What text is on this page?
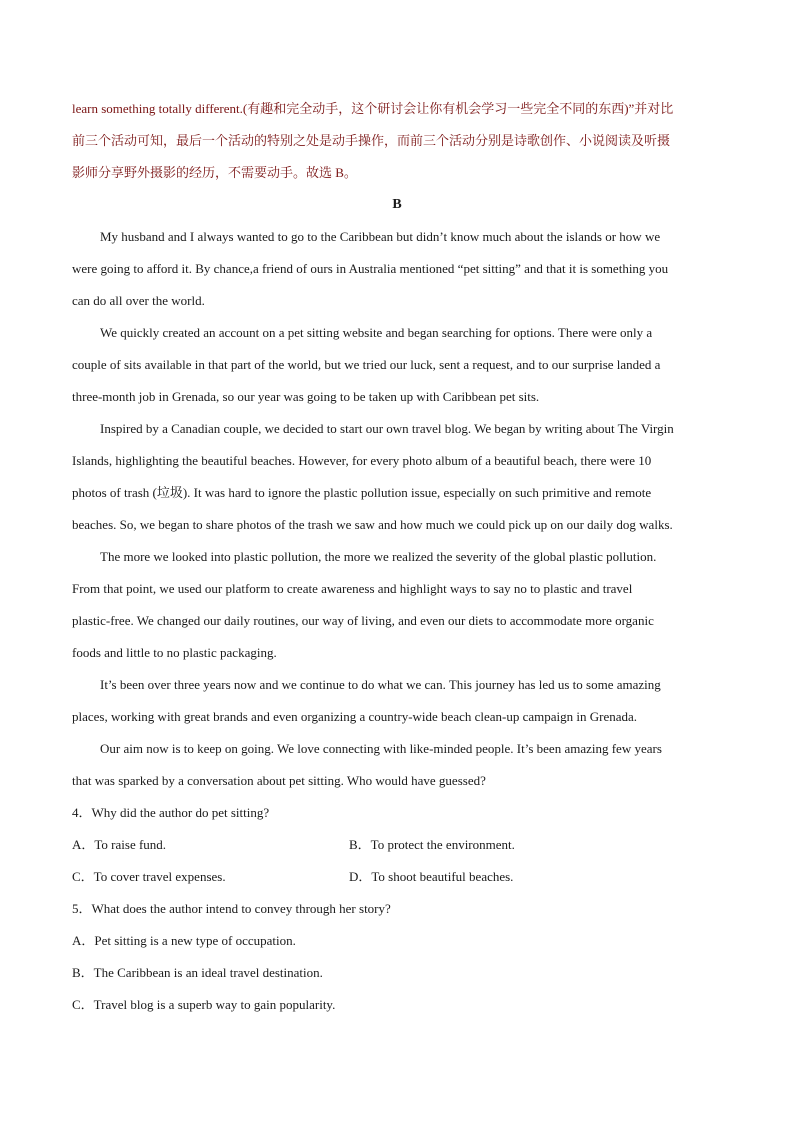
learn something totally different.(有趣和完全动手，这个研讨会让你有机会学习一些完全不同的东西)”并对比
前三个活动可知，最后一个活动的特别之处是动手操作，而前三个活动分别是诗歌创作、小说阅读及听摄
影师分享野外摄影的经历，不需要动手。故选 B。
B
My husband and I always wanted to go to the Caribbean but didn’t know much about the islands or how we
were going to afford it. By chance,a friend of ours in Australia mentioned “pet sitting” and that it is something you
can do all over the world.
We quickly created an account on a pet sitting website and began searching for options. There were only a
couple of sits available in that part of the world, but we tried our luck, sent a request, and to our surprise landed a
three-month job in Grenada, so our year was going to be taken up with Caribbean pet sits.
Inspired by a Canadian couple, we decided to start our own travel blog. We began by writing about The Virgin
Islands, highlighting the beautiful beaches. However, for every photo album of a beautiful beach, there were 10
photos of trash (垃圾). It was hard to ignore the plastic pollution issue, especially on such primitive and remote
beaches. So, we began to share photos of the trash we saw and how much we could pick up on our daily dog walks.
The more we looked into plastic pollution, the more we realized the severity of the global plastic pollution.
From that point, we used our platform to create awareness and highlight ways to say no to plastic and travel
plastic-free. We changed our daily routines, our way of living, and even our diets to accommodate more organic
foods and little to no plastic packaging.
It’s been over three years now and we continue to do what we can. This journey has led us to some amazing
places, working with great brands and even organizing a country-wide beach clean-up campaign in Grenada.
Our aim now is to keep on going. We love connecting with like-minded people. It’s been amazing few years
that was sparked by a conversation about pet sitting. Who would have guessed?
4．Why did the author do pet sitting?
A．To raise fund.	B．To protect the environment.
C．To cover travel expenses.	D．To shoot beautiful beaches.
5．What does the author intend to convey through her story?
A．Pet sitting is a new type of occupation.
B．The Caribbean is an ideal travel destination.
C．Travel blog is a superb way to gain popularity.
